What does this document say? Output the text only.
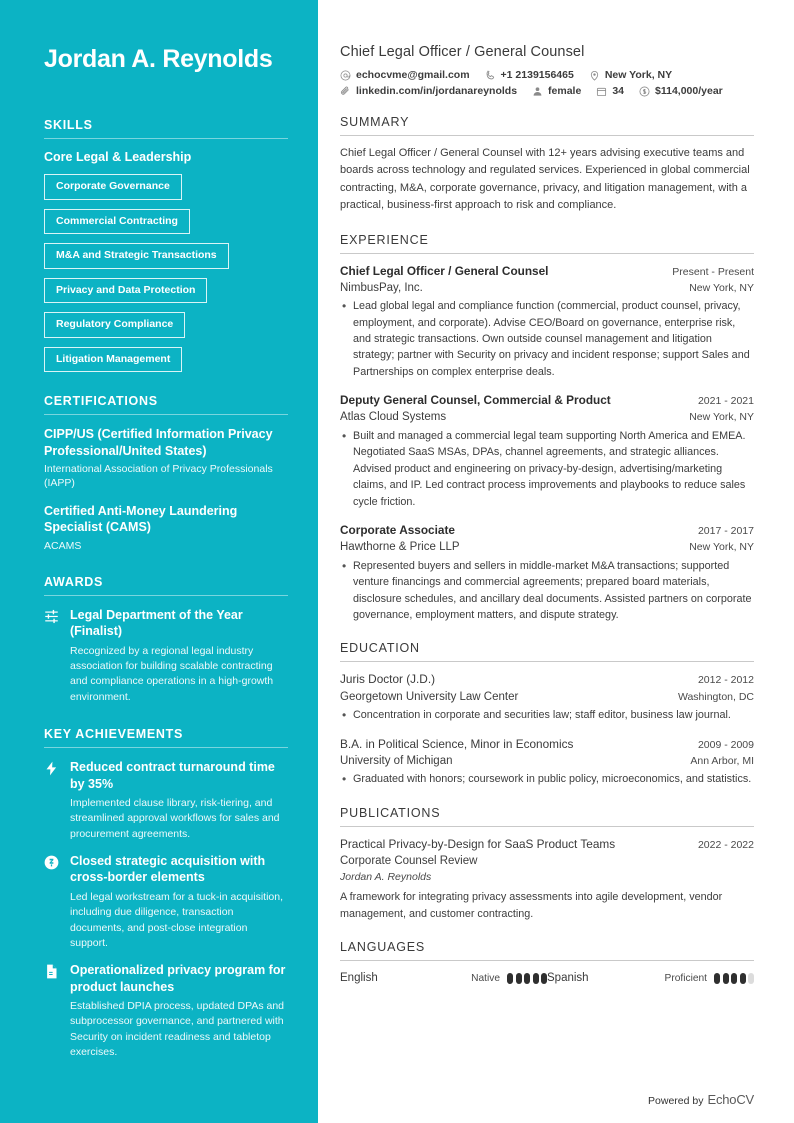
Jordan A. Reynolds
SKILLS
Core Legal & Leadership
Corporate Governance
Commercial Contracting
M&A and Strategic Transactions
Privacy and Data Protection
Regulatory Compliance
Litigation Management
CERTIFICATIONS
CIPP/US (Certified Information Privacy Professional/United States)
International Association of Privacy Professionals (IAPP)
Certified Anti-Money Laundering Specialist (CAMS)
ACAMS
AWARDS
Legal Department of the Year (Finalist)
Recognized by a regional legal industry association for building scalable contracting and compliance operations in a high-growth environment.
KEY ACHIEVEMENTS
Reduced contract turnaround time by 35%
Implemented clause library, risk-tiering, and streamlined approval workflows for sales and procurement agreements.
Closed strategic acquisition with cross-border elements
Led legal workstream for a tuck-in acquisition, including due diligence, transaction documents, and post-close integration support.
Operationalized privacy program for product launches
Established DPIA process, updated DPAs and subprocessor governance, and partnered with Security on incident readiness and tabletop exercises.
Chief Legal Officer / General Counsel
echocvme@gmail.com	+1 2139156465	New York, NY
linkedin.com/in/jordanareynolds	female	34	$114,000/year
SUMMARY

Chief Legal Officer / General Counsel with 12+ years advising executive teams and boards across technology and regulated services. Experienced in global commercial contracting, M&A, corporate governance, privacy, and litigation management, with a practical, business-first approach to risk and compliance.

EXPERIENCE
Chief Legal Officer / General Counsel	Present - Present
NimbusPay, Inc.	New York, NY
• Lead global legal and compliance function (commercial, product counsel, privacy, employment, and corporate). Advise CEO/Board on governance, enterprise risk, and strategic transactions. Own outside counsel management and litigation strategy; partner with Security on privacy and incident response; support Sales and Partnerships on complex enterprise deals.
Deputy General Counsel, Commercial & Product	2021 - 2021
Atlas Cloud Systems	New York, NY
• Built and managed a commercial legal team supporting North America and EMEA. Negotiated SaaS MSAs, DPAs, channel agreements, and strategic alliances. Advised product and engineering on privacy-by-design, advertising/marketing claims, and IP. Led contract process improvements and playbooks to reduce sales cycle friction.
Corporate Associate	2017 - 2017
Hawthorne & Price LLP	New York, NY
• Represented buyers and sellers in middle-market M&A transactions; supported venture financings and commercial agreements; prepared board materials, disclosure schedules, and ancillary deal documents. Assisted partners on corporate governance, employment matters, and dispute strategy.
EDUCATION
Juris Doctor (J.D.)	2012 - 2012
Georgetown University Law Center	Washington, DC
• Concentration in corporate and securities law; staff editor, business law journal.
B.A. in Political Science, Minor in Economics	2009 - 2009
University of Michigan	Ann Arbor, MI
• Graduated with honors; coursework in public policy, microeconomics, and statistics.
PUBLICATIONS
Practical Privacy-by-Design for SaaS Product Teams	2022 - 2022
Corporate Counsel Review
Jordan A. Reynolds
A framework for integrating privacy assessments into agile development, vendor management, and customer contracting.
LANGUAGES
English	Native	Spanish	Proficient
Powered by EchoCV
